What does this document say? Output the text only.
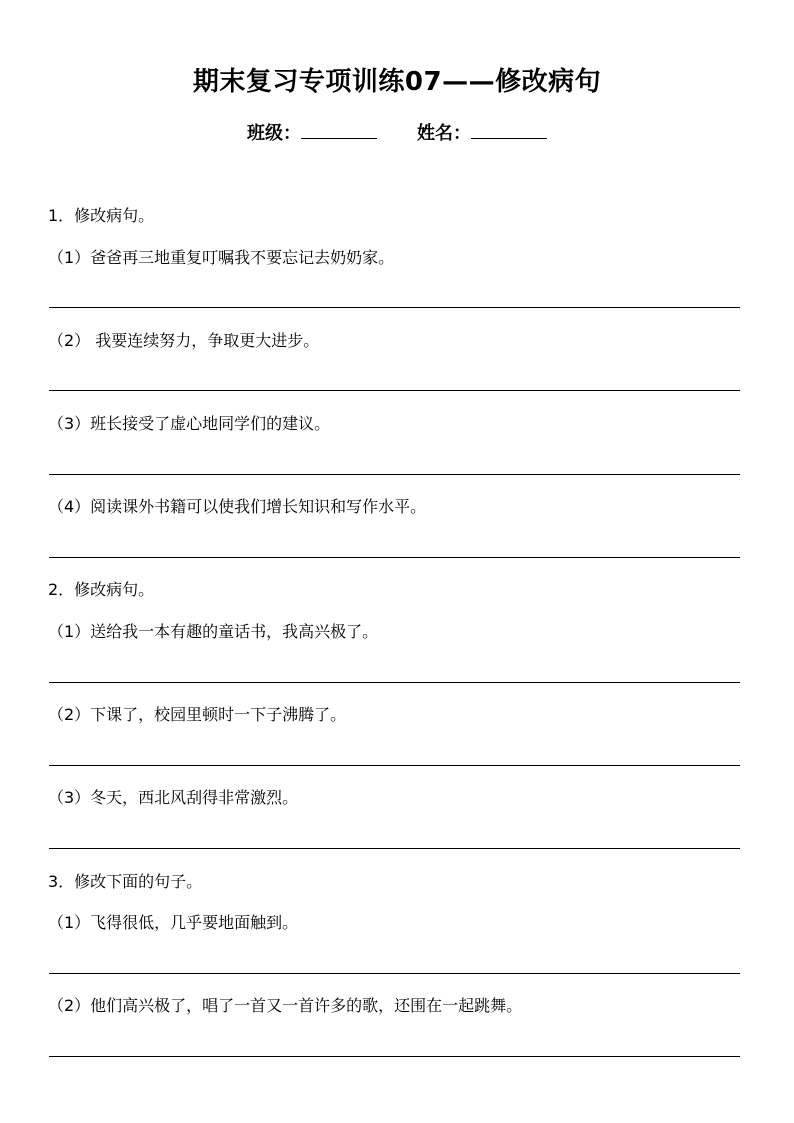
期末复习专项训练07——修改病句
班级：	姓名：
1．修改病句。
（1）爸爸再三地重复叮嘱我不要忘记去奶奶家。
（2） 我要连续努力，争取更大进步。
（3）班长接受了虚心地同学们的建议。
（4）阅读课外书籍可以使我们增长知识和写作水平。
2．修改病句。
（1）送给我一本有趣的童话书，我高兴极了。
（2）下课了，校园里顿时一下子沸腾了。
（3）冬天，西北风刮得非常激烈。
3．修改下面的句子。
（1）飞得很低，几乎要地面触到。
（2）他们高兴极了，唱了一首又一首许多的歌，还围在一起跳舞。
